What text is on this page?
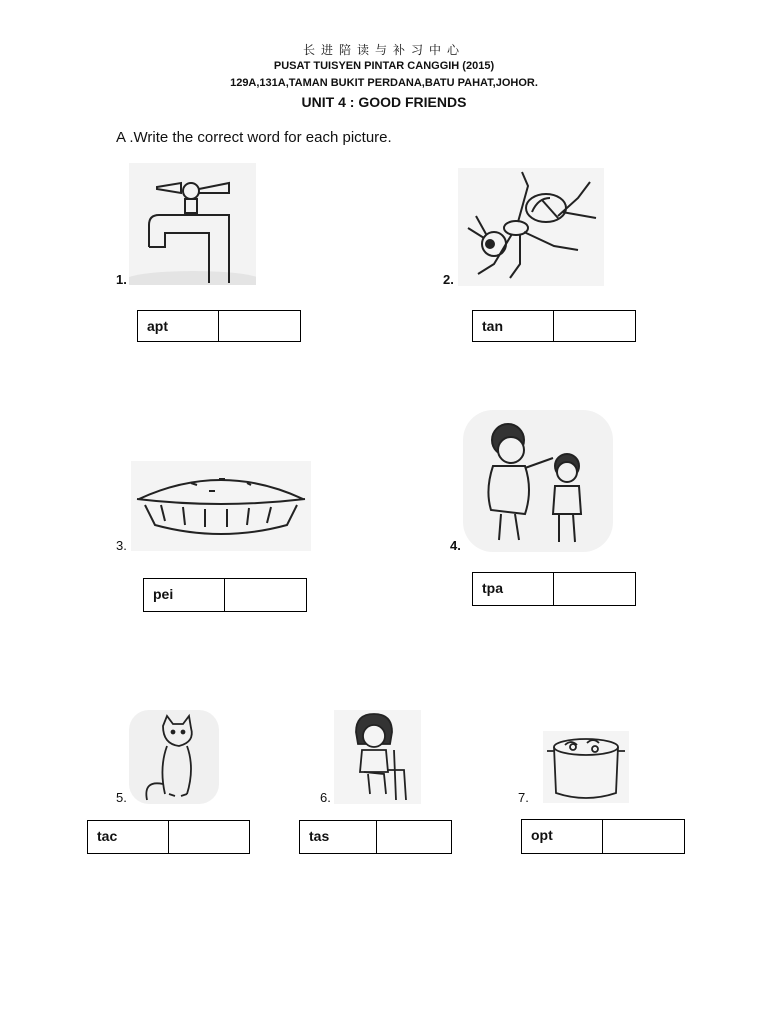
长进陪读与补习中心
PUSAT TUISYEN PINTAR CANGGIH (2015)
129A,131A,TAMAN BUKIT PERDANA,BATU PAHAT,JOHOR.
UNIT 4 : GOOD FRIENDS
A .Write the correct word for each picture.
1.
apt
2.
tan
3.
pei
4.
tpa
5.
tac
6.
tas
7.
opt
